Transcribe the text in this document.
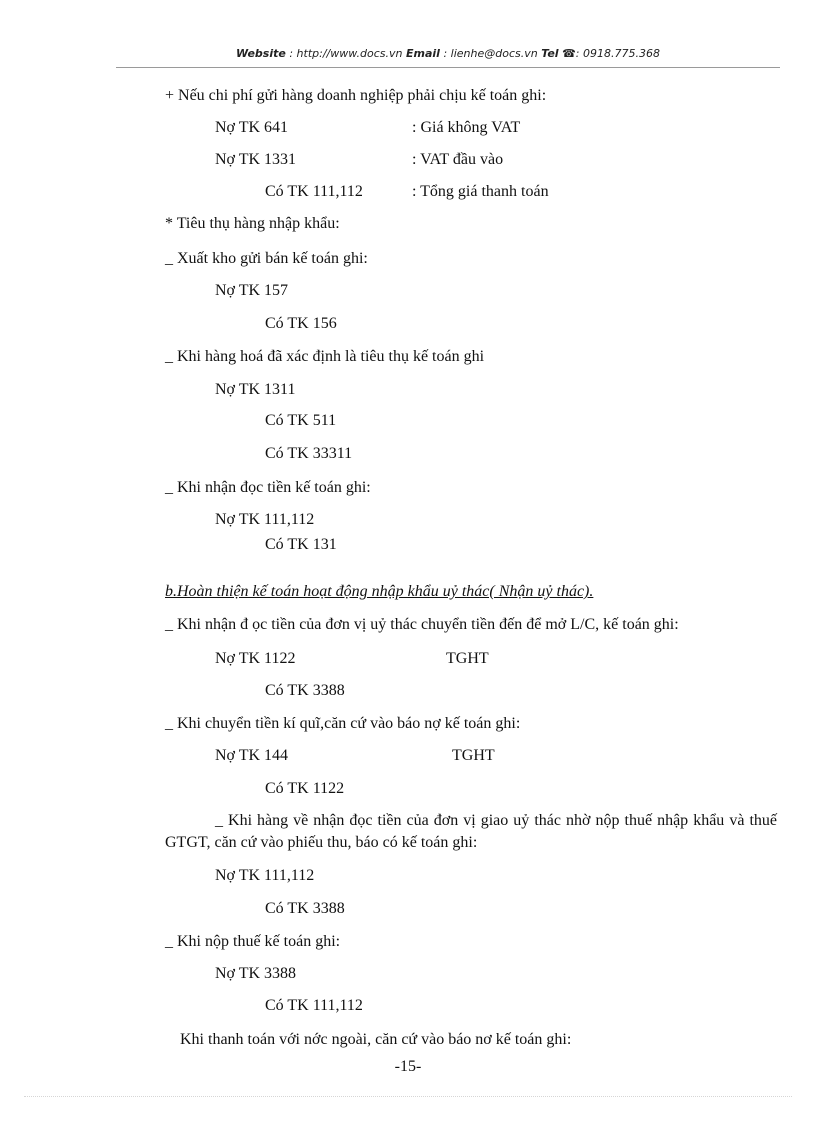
Website : http://www.docs.vn Email : lienhe@docs.vn Tel ☎: 0918.775.368
+ Nếu chi phí gửi hàng doanh nghiệp phải chịu kế toán ghi:
Nợ TK 641	: Giá không VAT
Nợ TK 1331	: VAT đầu vào
Có TK 111,112	: Tổng giá thanh toán
* Tiêu thụ hàng nhập khẩu:
_ Xuất kho gửi bán kế toán ghi:
Nợ TK 157
Có TK 156
_ Khi hàng hoá đã xác định là tiêu thụ kế toán ghi
Nợ TK 1311
Có TK 511
Có TK 33311
_ Khi nhận đọc tiền kế toán ghi:
Nợ TK 111,112
Có TK 131
b.Hoàn thiện kế toán hoạt động nhập khẩu uỷ thác( Nhận uỷ thác).
_ Khi nhận đ ọc tiền của đơn vị uỷ thác chuyển tiền đến để mở L/C, kế toán ghi:
Nợ TK 1122	TGHT
Có TK 3388
_ Khi chuyển tiền kí quĩ,căn cứ vào báo nợ kế toán ghi:
Nợ TK 144	TGHT
Có TK 1122
_ Khi hàng về nhận đọc tiền của đơn vị giao uỷ thác nhờ nộp thuế nhập khẩu và thuế GTGT, căn cứ vào phiếu thu, báo có kế toán ghi:
Nợ TK 111,112
Có TK 3388
_ Khi nộp thuế kế toán ghi:
Nợ TK 3388
Có TK 111,112
Khi thanh toán với nớc ngoài, căn cứ vào báo nơ kế toán ghi:
-15-
